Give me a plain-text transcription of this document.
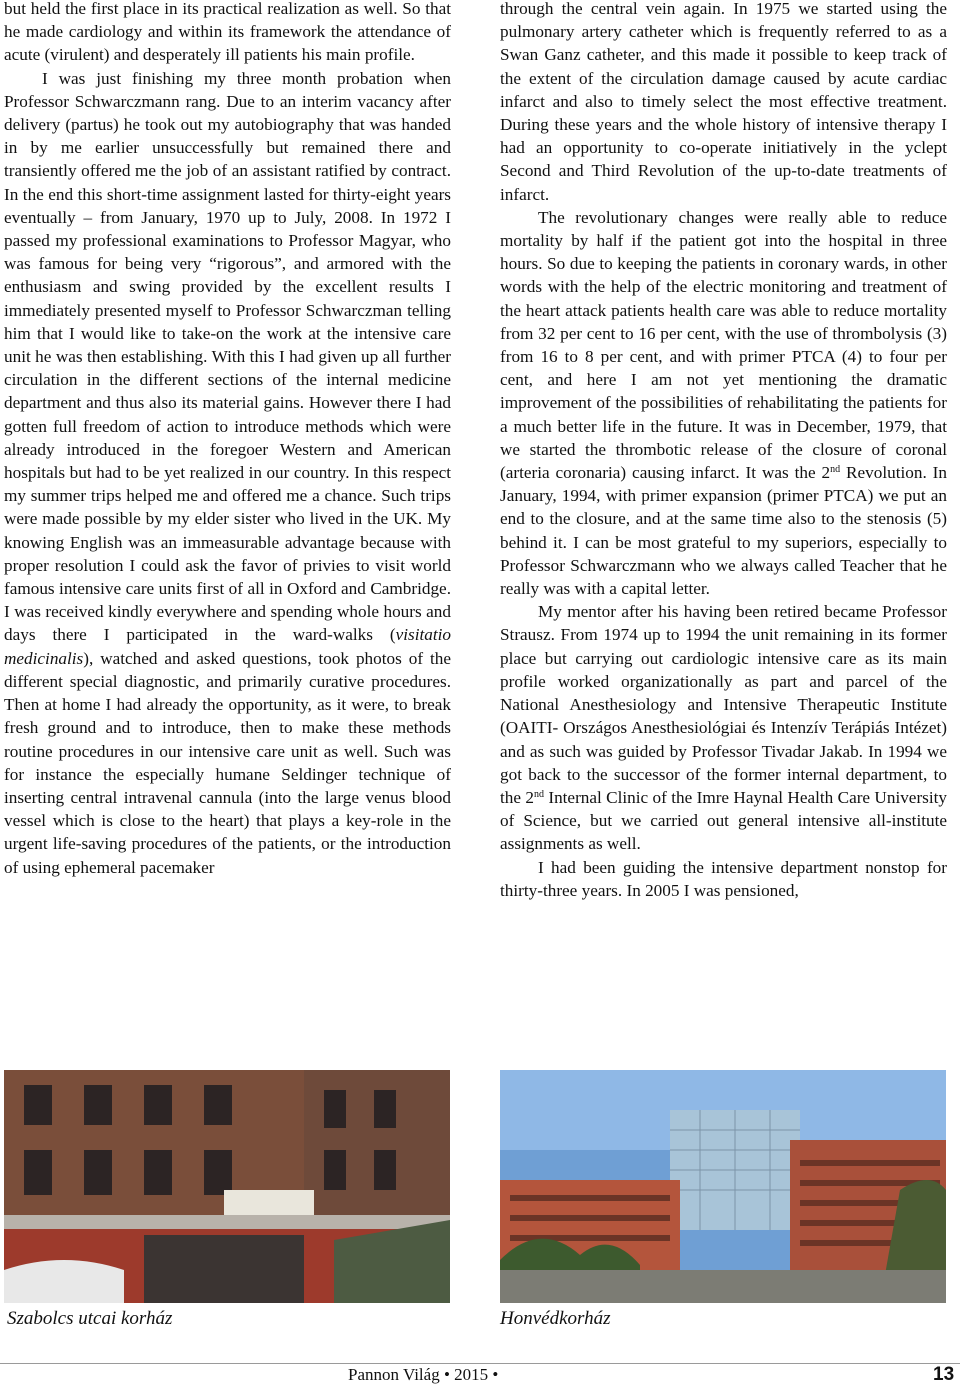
but held the first place in its practical realization as well. So that he made cardiology and within its framework the attendance of acute (virulent) and desperately ill patients his main profile.

I was just finishing my three month probation when Professor Schwarczmann rang. Due to an interim vacancy after delivery (partus) he took out my autobiography that was handed in by me earlier unsuccessfully but remained there and transiently offered me the job of an assistant ratified by contract. In the end this short-time assignment lasted for thirty-eight years eventually – from January, 1970 up to July, 2008. In 1972 I passed my professional examinations to Professor Magyar, who was famous for being very “rigorous”, and armored with the enthusiasm and swing provided by the excellent results I immediately presented myself to Professor Schwarczman telling him that I would like to take-on the work at the intensive care unit he was then establishing. With this I had given up all further circulation in the different sections of the internal medicine department and thus also its material gains. However there I had gotten full freedom of action to introduce methods which were already introduced in the foregoer Western and American hospitals but had to be yet realized in our country. In this respect my summer trips helped me and offered me a chance. Such trips were made possible by my elder sister who lived in the UK. My knowing English was an immeasurable advantage because with proper resolution I could ask the favor of privies to visit world famous intensive care units first of all in Oxford and Cambridge. I was received kindly everywhere and spending whole hours and days there I participated in the ward-walks (visitatio medicinalis), watched and asked questions, took photos of the different special diagnostic, and primarily curative procedures. Then at home I had already the opportunity, as it were, to break fresh ground and to introduce, then to make these methods routine procedures in our intensive care unit as well. Such was for instance the especially humane Seldinger technique of inserting central intravenal cannula (into the large venus blood vessel which is close to the heart) that plays a key-role in the urgent life-saving procedures of the patients, or the introduction of using ephemeral pacemaker

through the central vein again. In 1975 we started using the pulmonary artery catheter which is frequently referred to as a Swan Ganz catheter, and this made it possible to keep track of the extent of the circulation damage caused by acute cardiac infarct and also to timely select the most effective treatment. During these years and the whole history of intensive therapy I had an opportunity to co-operate initiatively in the yclept Second and Third Revolution of the up-to-date treatments of infarct.

The revolutionary changes were really able to reduce mortality by half if the patient got into the hospital in three hours. So due to keeping the patients in coronary wards, in other words with the help of the electric monitoring and treatment of the heart attack patients health care was able to reduce mortality from 32 per cent to 16 per cent, with the use of thrombolysis (3) from 16 to 8 per cent, and with primer PTCA (4) to four per cent, and here I am not yet mentioning the dramatic improvement of the possibilities of rehabilitating the patients for a much better life in the future. It was in December, 1979, that we started the thrombotic release of the closure of coronal (arteria coronaria) causing infarct. It was the 2nd Revolution. In January, 1994, with primer expansion (primer PTCA) we put an end to the closure, and at the same time also to the stenosis (5) behind it. I can be most grateful to my superiors, especially to Professor Schwarczmann who we always called Teacher that he really was with a capital letter.

My mentor after his having been retired became Professor Strausz. From 1974 up to 1994 the unit remaining in its former place but carrying out cardiologic intensive care as its main profile worked organizationally as part and parcel of the National Anesthesiology and Intensive Therapeutic Institute (OAITI- Országos Anesthesiológiai és Intenzív Terápiás Intézet) and as such was guided by Professor Tivadar Jakab. In 1994 we got back to the successor of the former internal department, to the 2nd Internal Clinic of the Imre Haynal Health Care University of Science, but we carried out general intensive all-institute assignments as well.

I had been guiding the intensive department nonstop for thirty-three years. In 2005 I was pensioned,

Szabolcs utcai korház	Honvédkorház
Pannon Világ • 2015 •	13
